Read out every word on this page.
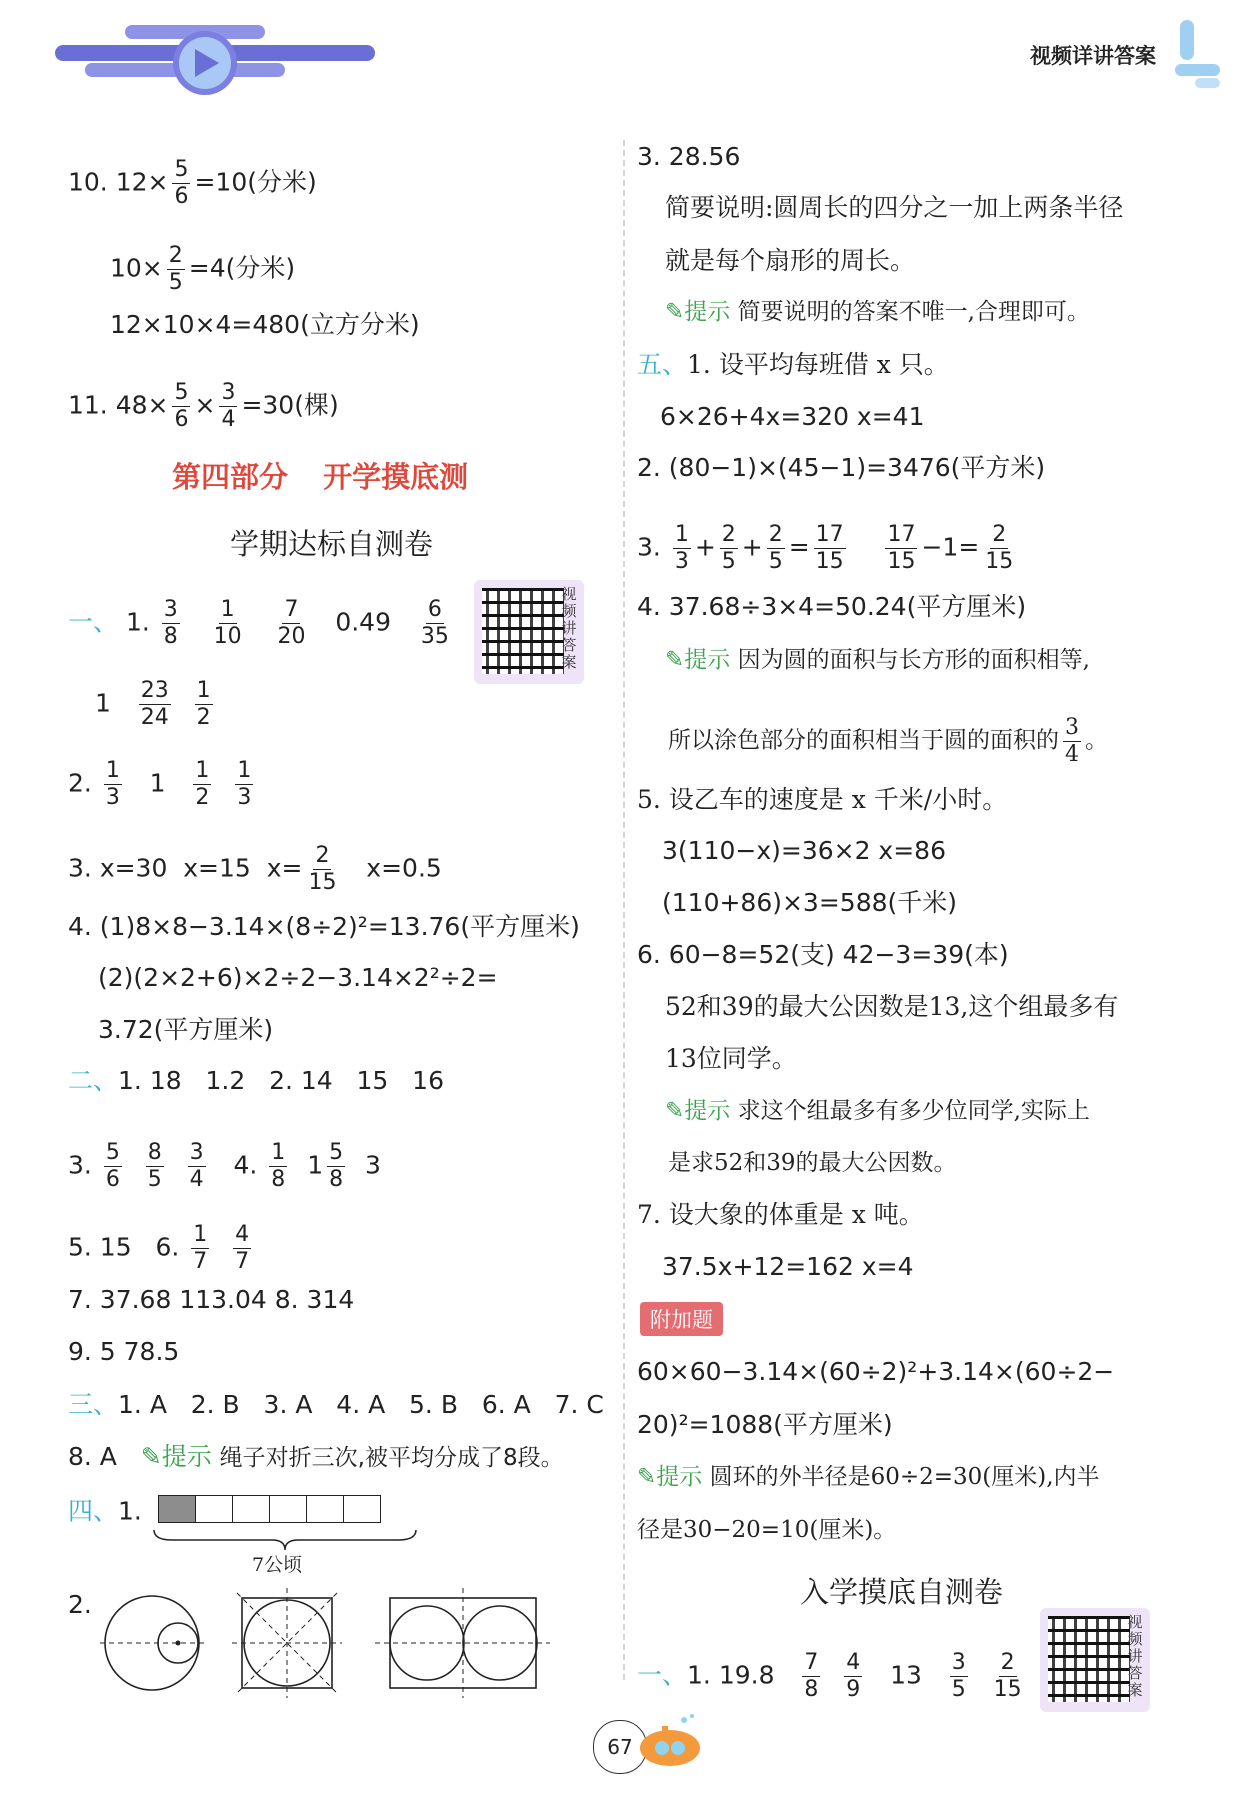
视频详讲答案
10. $12\times \frac{5}{6} =10$(分米)
$10\times \frac{2}{5} =4$(分米)
12×10×4=480(立方分米)
11. $48\times \frac{5}{6} \times \frac{3}{4} =30$(棵)
第四部分 开学摸底测
学期达标自测卷
视频讲答案
一、 1. $\frac{3}{8}$
$\frac{1}{10}$
$\frac{7}{20} 0.49 \frac{6}{35}$
$1 \frac{23}{24}$
$\frac{1}{2}$
2. $\frac{1}{3} 1 \frac{1}{2}$
$\frac{1}{3}$
3. x=30  x=15  $x= \frac{2}{15} x=0.5$
4. (1)8×8−3.14×(8÷2)²=13.76(平方厘米)
(2)(2×2+6)×2÷2−3.14×2²÷2=
3.72(平方厘米)
二、1. 18   1.2   2. 14   15   16
3. $\frac{5}{6}$
$\frac{8}{5}$
$\frac{3}{4} 4$. $\frac{1}{8} 1 \frac{5}{8} 3$
5. 15   6. $\frac{1}{7}$
$\frac{4}{7}$
7. 37.68 113.04 8. 314
9. 5 78.5
三、1. A   2. B   3. A   4. A   5. B   6. A   7. C
8. A ✎提示 绳子对折三次,被平均分成了8段。
四、1.
7公顷
2.
3. 28.56
简要说明:圆周长的四分之一加上两条半径
就是每个扇形的周长。
✎提示 简要说明的答案不唯一,合理即可。
五、1. 设平均每班借 x 只。
6×26+4x=320 x=41
2. (80−1)×(45−1)=3476(平方米)
3. $\frac{1}{3} + \frac{2}{5} + \frac{2}{5} = \frac{17}{15}$
$\frac{17}{15} -1= \frac{2}{15}$
4. 37.68÷3×4=50.24(平方厘米)
✎提示 因为圆的面积与长方形的面积相等,
所以涂色部分的面积相当于圆的面积的 $\frac{3}{4}$ 。
5. 设乙车的速度是 x 千米/小时。
3(110−x)=36×2 x=86
(110+86)×3=588(千米)
6. 60−8=52(支) 42−3=39(本)
52和39的最大公因数是13,这个组最多有
13位同学。
✎提示 求这个组最多有多少位同学,实际上
是求52和39的最大公因数。
7. 设大象的体重是 x 吨。
37.5x+12=162 x=4
附加题
60×60−3.14×(60÷2)²+3.14×(60÷2−
20)²=1088(平方厘米)
✎提示 圆环的外半径是60÷2=30(厘米),内半
径是30−20=10(厘米)。
入学摸底自测卷
视频讲答案
一、1. $19.8 \frac{7}{8}$
$\frac{4}{9} 13 \frac{3}{5}$
$\frac{2}{15}$
67
